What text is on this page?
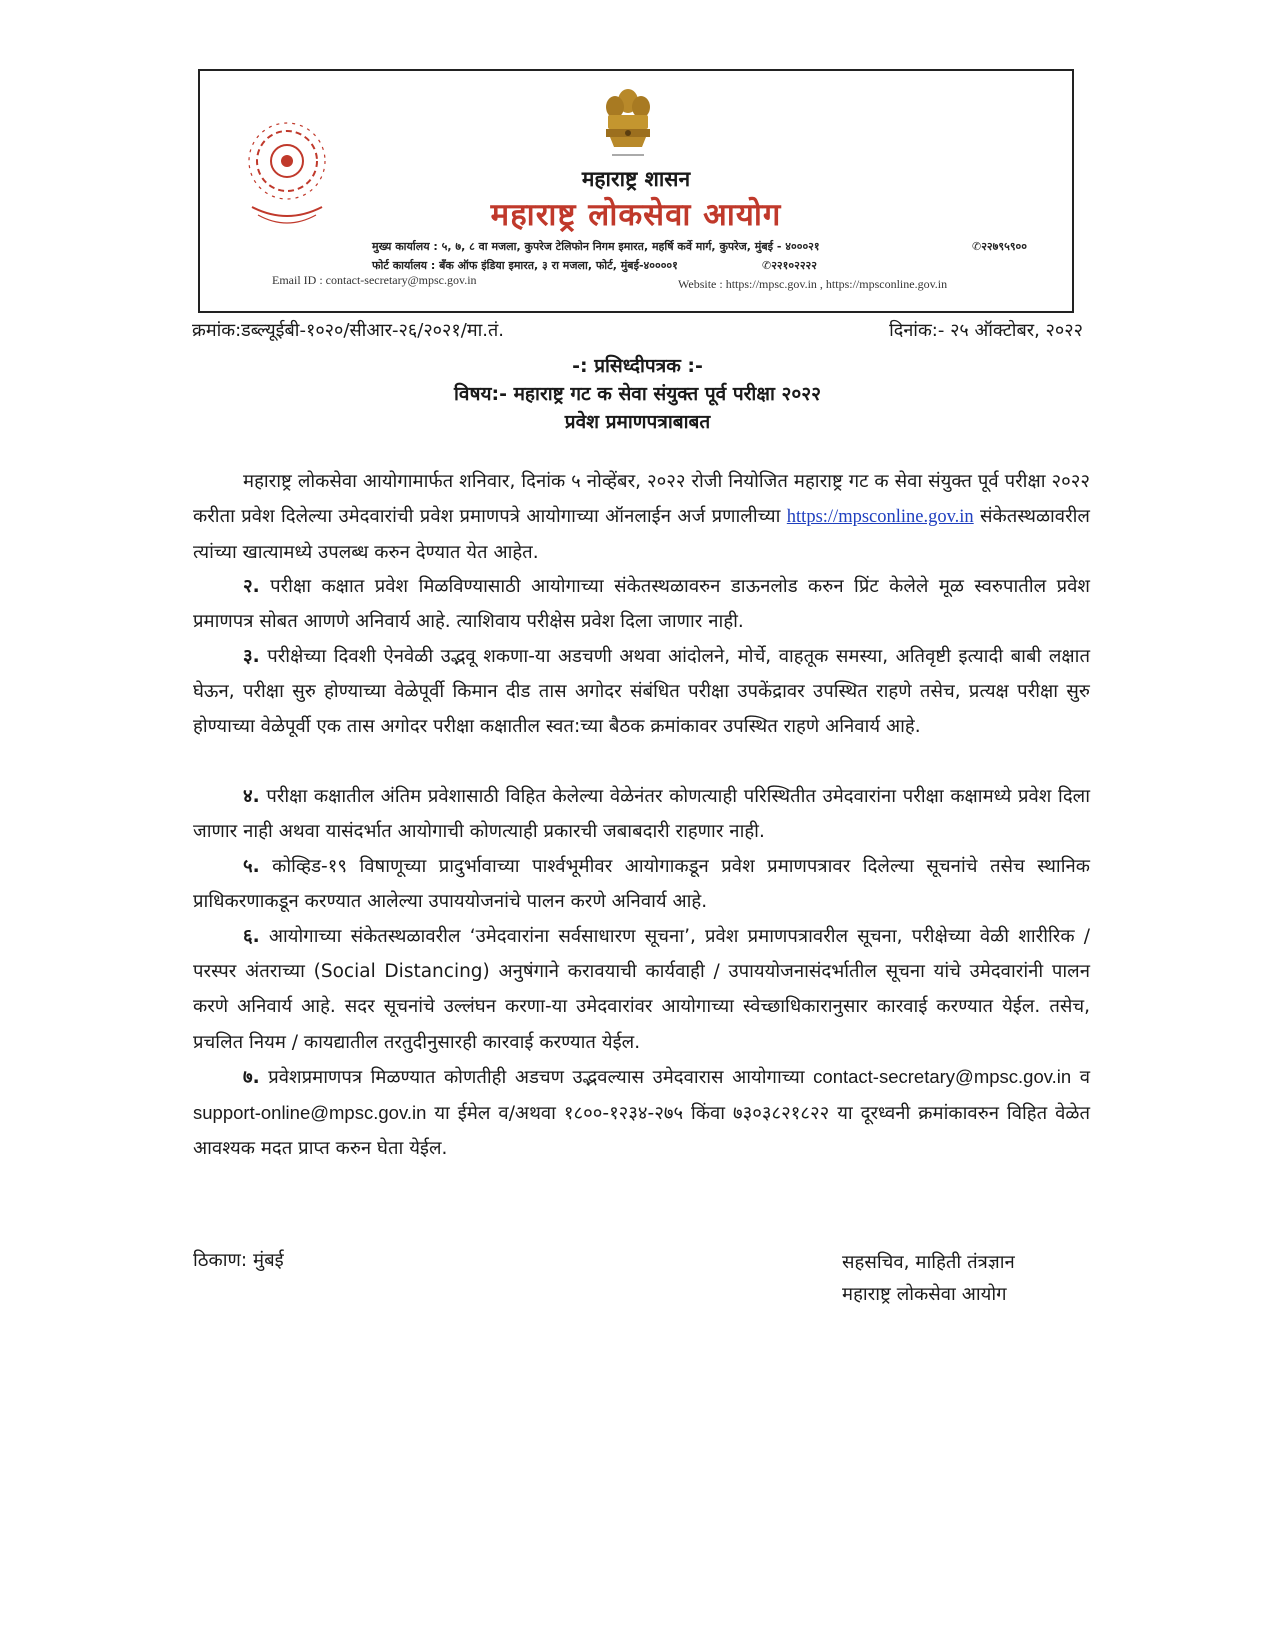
महाराष्ट्र शासन
महाराष्ट्र लोकसेवा आयोग
मुख्य कार्यालय : ५, ७, ८ वा मजला, कुपरेज टेलिफोन निगम इमारत, महर्षि कर्वे मार्ग, कुपरेज, मुंबई - ४०००२१	✆२२७९५९००
फोर्ट कार्यालय : बँक ऑफ इंडिया इमारत, ३ रा मजला, फोर्ट, मुंबई-४००००१	✆२२१०२२२२
Email ID : contact-secretary@mpsc.gov.in	Website : https://mpsc.gov.in , https://mpsconline.gov.in
क्रमांक:डब्ल्यूईबी-१०२०/सीआर-२६/२०२१/मा.तं.	दिनांक:- २५ ऑक्टोबर, २०२२
-: प्रसिध्दीपत्रक :-
विषय:- महाराष्ट्र गट क सेवा संयुक्त पूर्व परीक्षा २०२२
प्रवेश प्रमाणपत्राबाबत
महाराष्ट्र लोकसेवा आयोगामार्फत शनिवार, दिनांक ५ नोव्हेंबर, २०२२ रोजी नियोजित महाराष्ट्र गट क सेवा संयुक्त पूर्व परीक्षा २०२२ करीता प्रवेश दिलेल्या उमेदवारांची प्रवेश प्रमाणपत्रे आयोगाच्या ऑनलाईन अर्ज प्रणालीच्या https://mpsconline.gov.in संकेतस्थळावरील त्यांच्या खात्यामध्ये उपलब्ध करुन देण्यात येत आहेत.
२. परीक्षा कक्षात प्रवेश मिळविण्यासाठी आयोगाच्या संकेतस्थळावरुन डाऊनलोड करुन प्रिंट केलेले मूळ स्वरुपातील प्रवेश प्रमाणपत्र सोबत आणणे अनिवार्य आहे. त्याशिवाय परीक्षेस प्रवेश दिला जाणार नाही.
३. परीक्षेच्या दिवशी ऐनवेळी उद्भवू शकणा-या अडचणी अथवा आंदोलने, मोर्चे, वाहतूक समस्या, अतिवृष्टी इत्यादी बाबी लक्षात घेऊन, परीक्षा सुरु होण्याच्या वेळेपूर्वी किमान दीड तास अगोदर संबंधित परीक्षा उपकेंद्रावर उपस्थित राहणे तसेच, प्रत्यक्ष परीक्षा सुरु होण्याच्या वेळेपूर्वी एक तास अगोदर परीक्षा कक्षातील स्वत:च्या बैठक क्रमांकावर उपस्थित राहणे अनिवार्य आहे.
४. परीक्षा कक्षातील अंतिम प्रवेशासाठी विहित केलेल्या वेळेनंतर कोणत्याही परिस्थितीत उमेदवारांना परीक्षा कक्षामध्ये प्रवेश दिला जाणार नाही अथवा यासंदर्भात आयोगाची कोणत्याही प्रकारची जबाबदारी राहणार नाही.
५. कोव्हिड-१९ विषाणूच्या प्रादुर्भावाच्या पार्श्वभूमीवर आयोगाकडून प्रवेश प्रमाणपत्रावर दिलेल्या सूचनांचे तसेच स्थानिक प्राधिकरणाकडून करण्यात आलेल्या उपाययोजनांचे पालन करणे अनिवार्य आहे.
६. आयोगाच्या संकेतस्थळावरील ‘उमेदवारांना सर्वसाधारण सूचना’, प्रवेश प्रमाणपत्रावरील सूचना, परीक्षेच्या वेळी शारीरिक / परस्पर अंतराच्या (Social Distancing) अनुषंगाने करावयाची कार्यवाही / उपाययोजनासंदर्भातील सूचना यांचे उमेदवारांनी पालन करणे अनिवार्य आहे. सदर सूचनांचे उल्लंघन करणा-या उमेदवारांवर आयोगाच्या स्वेच्छाधिकारानुसार कारवाई करण्यात येईल. तसेच, प्रचलित नियम / कायद्यातील तरतुदीनुसारही कारवाई करण्यात येईल.
७. प्रवेशप्रमाणपत्र मिळण्यात कोणतीही अडचण उद्भवल्यास उमेदवारास आयोगाच्या contact-secretary@mpsc.gov.in व support-online@mpsc.gov.in या ईमेल व/अथवा १८००-१२३४-२७५ किंवा ७३०३८२१८२२ या दूरध्वनी क्रमांकावरुन विहित वेळेत आवश्यक मदत प्राप्त करुन घेता येईल.
ठिकाण: मुंबई	सहसचिव, माहिती तंत्रज्ञान
महाराष्ट्र लोकसेवा आयोग
